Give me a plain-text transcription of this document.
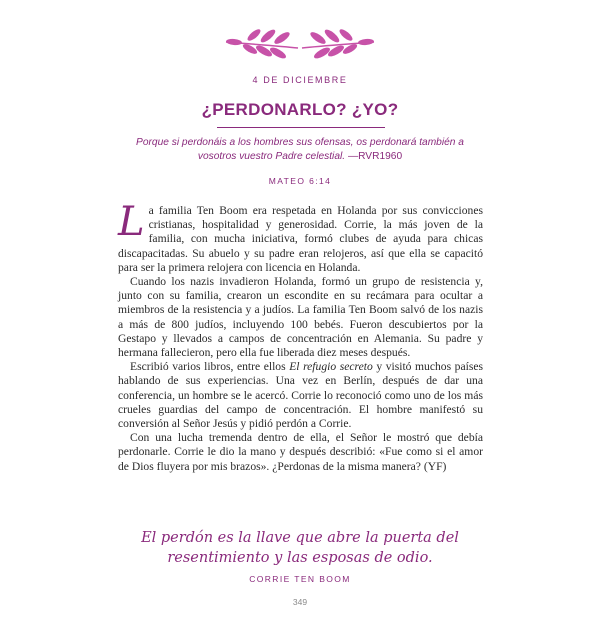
4 DE DICIEMBRE
¿PERDONARLO? ¿YO?
Porque si perdonáis a los hombres sus ofensas, os perdonará también a vosotros vuestro Padre celestial. —RVR1960
MATEO 6:14

La familia Ten Boom era respetada en Holanda por sus convicciones cristianas, hospitalidad y generosidad. Corrie, la más joven de la familia, con mucha iniciativa, formó clubes de ayuda para chicas discapacitadas. Su abuelo y su padre eran relojeros, así que ella se capacitó para ser la primera relojera con licencia en Holanda.

Cuando los nazis invadieron Holanda, formó un grupo de resistencia y, junto con su familia, crearon un escondite en su recámara para ocultar a miembros de la resistencia y a judíos. La familia Ten Boom salvó de los nazis a más de 800 judíos, incluyendo 100 bebés. Fueron descubiertos por la Gestapo y llevados a campos de concentración en Alemania. Su padre y hermana fallecieron, pero ella fue liberada diez meses después.

Escribió varios libros, entre ellos El refugio secreto y visitó muchos países hablando de sus experiencias. Una vez en Berlín, después de dar una conferencia, un hombre se le acercó. Corrie lo reconoció como uno de los más crueles guardias del campo de concentración. El hombre manifestó su conversión al Señor Jesús y pidió perdón a Corrie.

Con una lucha tremenda dentro de ella, el Señor le mostró que debía perdonarle. Corrie le dio la mano y después describió: «Fue como si el amor de Dios fluyera por mis brazos». ¿Perdonas de la misma manera? (YF)

El perdón es la llave que abre la puerta del resentimiento y las esposas de odio.
CORRIE TEN BOOM
349
